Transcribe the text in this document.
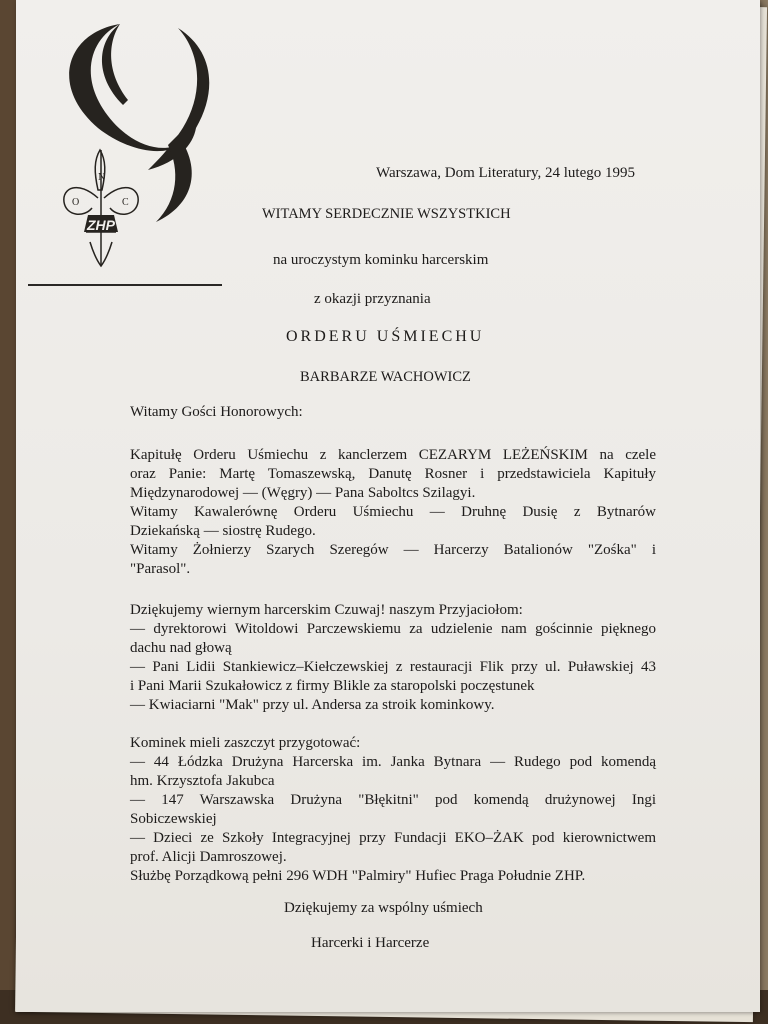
N
O	C
ZHP
Warszawa, Dom Literatury, 24 lutego 1995
WITAMY SERDECZNIE WSZYSTKICH
na uroczystym kominku harcerskim
z okazji przyznania
ORDERU UŚMIECHU
BARBARZE WACHOWICZ
Witamy Gości Honorowych:
Kapitułę Orderu Uśmiechu z kanclerzem CEZARYM LEŻEŃSKIM na czele
oraz Panie: Martę Tomaszewską, Danutę Rosner i przedstawiciela Kapituły
Międzynarodowej — (Węgry) — Pana Saboltcs Szilagyi.
Witamy Kawalerównę Orderu Uśmiechu — Druhnę Dusię z Bytnarów
Dziekańską — siostrę Rudego.
Witamy Żołnierzy Szarych Szeregów — Harcerzy Batalionów "Zośka" i
"Parasol".
Dziękujemy wiernym harcerskim Czuwaj! naszym Przyjaciołom:
— dyrektorowi Witoldowi Parczewskiemu za udzielenie nam gościnnie pięknego
dachu nad głową
— Pani Lidii Stankiewicz–Kiełczewskiej z restauracji Flik przy ul. Puławskiej 43
i Pani Marii Szukałowicz z firmy Blikle za staropolski poczęstunek
— Kwiaciarni "Mak" przy ul. Andersa za stroik kominkowy.
Kominek mieli zaszczyt przygotować:
— 44 Łódzka Drużyna Harcerska im. Janka Bytnara — Rudego pod komendą
hm. Krzysztofa Jakubca
— 147 Warszawska Drużyna "Błękitni" pod komendą drużynowej Ingi
Sobiczewskiej
— Dzieci ze Szkoły Integracyjnej przy Fundacji EKO–ŻAK pod kierownictwem
prof. Alicji Damroszowej.
Służbę Porządkową pełni 296 WDH "Palmiry" Hufiec Praga Południe ZHP.
Dziękujemy za wspólny uśmiech
Harcerki i Harcerze
